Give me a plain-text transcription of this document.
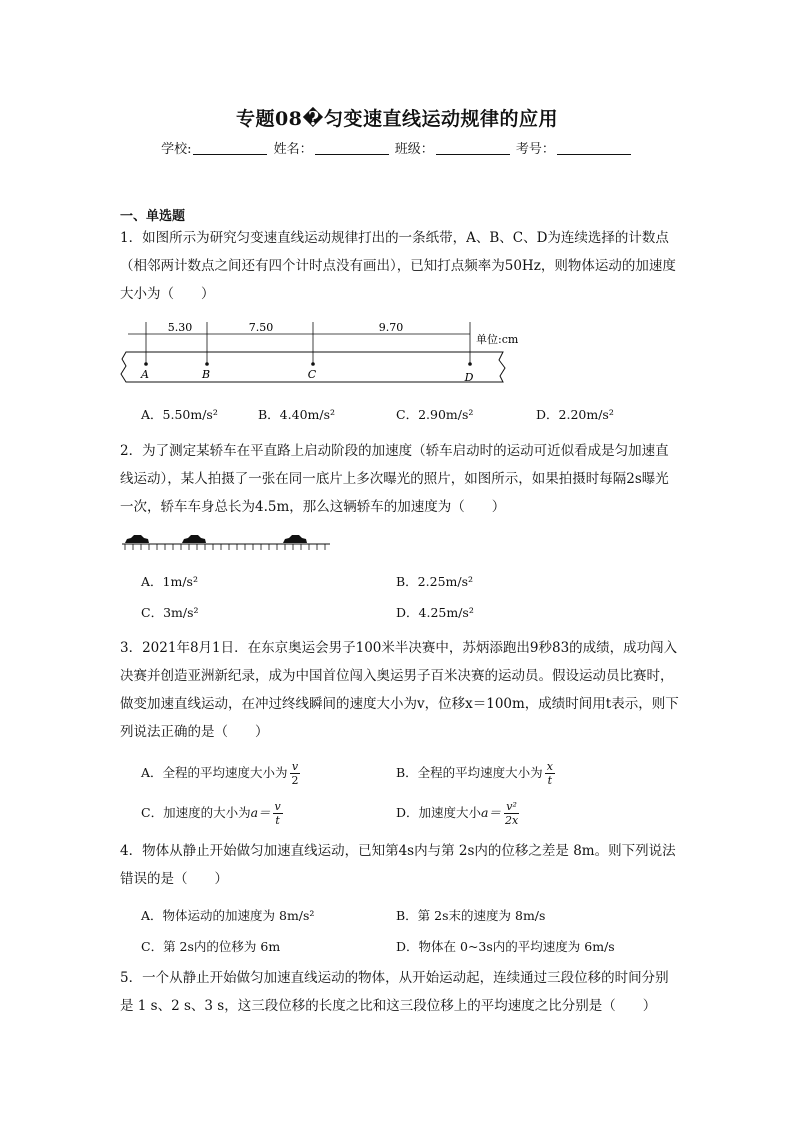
专题08�匀变速直线运动规律的应用
学校:	姓名：	班级：	考号：
一、单选题
1．如图所示为研究匀变速直线运动规律打出的一条纸带，A、B、C、D为连续选择的计数点（相邻两计数点之间还有四个计时点没有画出），已知打点频率为50Hz，则物体运动的加速度大小为（　　）
5.30	7.50	9.70
单位:cm
A	B	C	D
A．5.50m/s²	B．4.40m/s²	C．2.90m/s²	D．2.20m/s²
2．为了测定某轿车在平直路上启动阶段的加速度（轿车启动时的运动可近似看成是匀加速直线运动），某人拍摄了一张在同一底片上多次曝光的照片，如图所示，如果拍摄时每隔2s曝光一次，轿车车身总长为4.5m，那么这辆轿车的加速度为（　　）
A．1m/s²	B．2.25m/s²
C．3m/s²	D．4.25m/s²
3．2021年8月1日．在东京奥运会男子100米半决赛中，苏炳添跑出9秒83的成绩，成功闯入决赛并创造亚洲新纪录，成为中国首位闯入奥运男子百米决赛的运动员。假设运动员比赛时，做变加速直线运动，在冲过终线瞬间的速度大小为v，位移x＝100m，成绩时间用t表示，则下列说法正确的是（　　）
A．全程的平均速度大小为 $\frac{v}{2}$	B．全程的平均速度大小为 $\frac{x}{t}$
C．加速度的大小为$a= \frac{v}{t}$	D．加速度大小$a= \frac{\text{v²}}{2x}$
4．物体从静止开始做匀加速直线运动，已知第4s内与第 2s内的位移之差是 8m。则下列说法错误的是（　　）
A．物体运动的加速度为 8m/s²	B．第 2s末的速度为 8m/s
C．第 2s内的位移为 6m	D．物体在 0~3s内的平均速度为 6m/s
5．一个从静止开始做匀加速直线运动的物体，从开始运动起，连续通过三段位移的时间分别是 1 s、2 s、3 s，这三段位移的长度之比和这三段位移上的平均速度之比分别是（　　）
